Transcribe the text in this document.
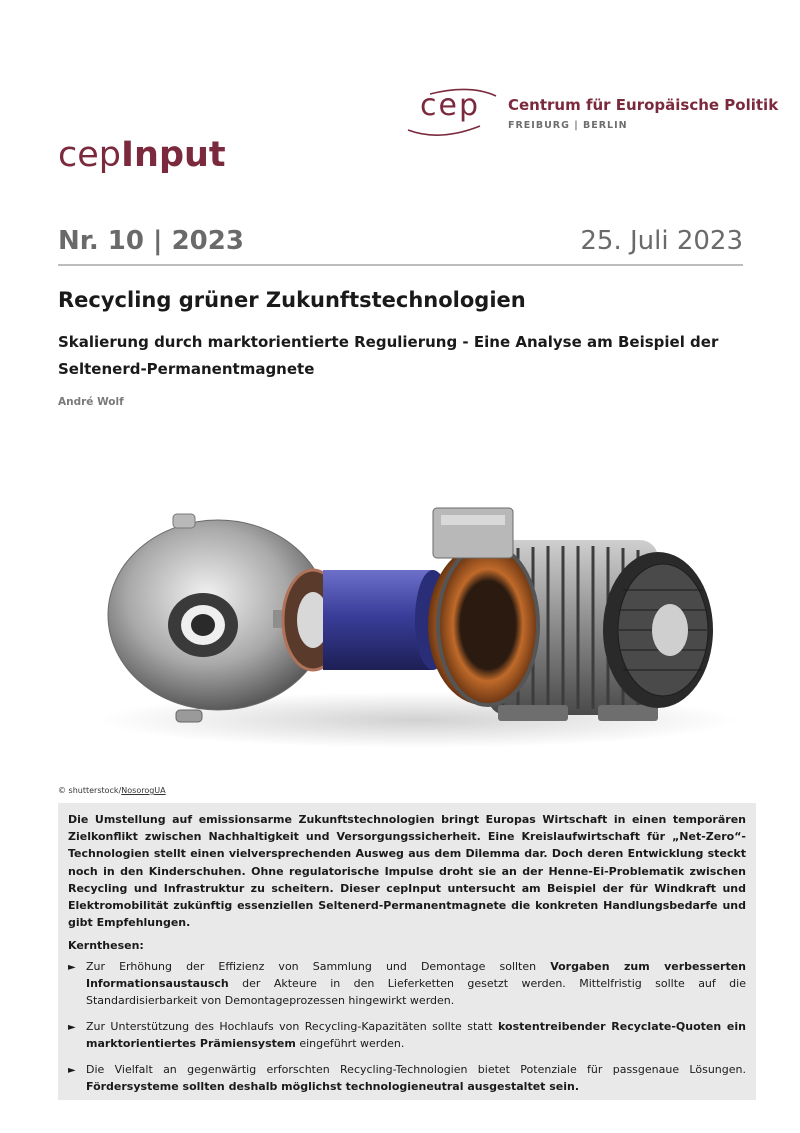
cep Centrum für Europäische Politik
FREIBURG | BERLIN
cepInput
Nr. 10 | 2023	25. Juli 2023
Recycling grüner Zukunftstechnologien
Skalierung durch marktorientierte Regulierung - Eine Analyse am Beispiel der Seltenerd-Permanentmagnete
André Wolf
© shutterstock/NosorogUA

Die Umstellung auf emissionsarme Zukunftstechnologien bringt Europas Wirtschaft in einen temporären Zielkonflikt zwischen Nachhaltigkeit und Versorgungssicherheit. Eine Kreislaufwirtschaft für „Net-Zero“-Technologien stellt einen vielversprechenden Ausweg aus dem Dilemma dar. Doch deren Entwicklung steckt noch in den Kinderschuhen. Ohne regulatorische Impulse droht sie an der Henne-Ei-Problematik zwischen Recycling und Infrastruktur zu scheitern. Dieser cepInput untersucht am Beispiel der für Windkraft und Elektromobilität zukünftig essenziellen Seltenerd-Permanentmagnete die konkreten Handlungsbedarfe und gibt Empfehlungen.

Kernthesen:
► Zur Erhöhung der Effizienz von Sammlung und Demontage sollten Vorgaben zum verbesserten Informationsaustausch der Akteure in den Lieferketten gesetzt werden. Mittelfristig sollte auf die Standardisierbarkeit von Demontageprozessen hingewirkt werden.
► Zur Unterstützung des Hochlaufs von Recycling-Kapazitäten sollte statt kostentreibender Recyclate-Quoten ein marktorientiertes Prämiensystem eingeführt werden.
► Die Vielfalt an gegenwärtig erforschten Recycling-Technologien bietet Potenziale für passgenaue Lösungen. Fördersysteme sollten deshalb möglichst technologieneutral ausgestaltet sein.
